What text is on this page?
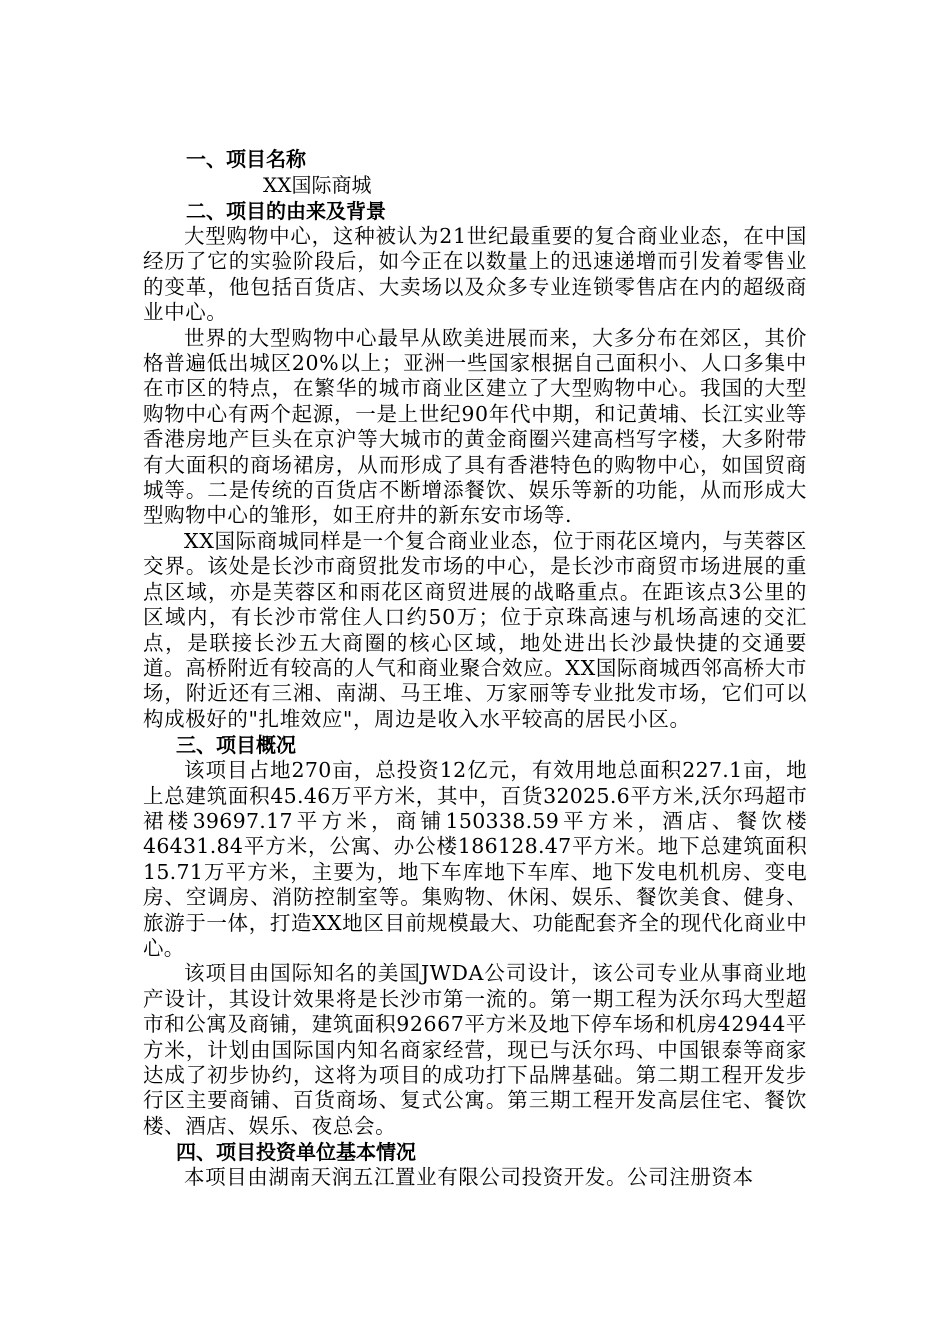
一、项目名称

XX国际商城

二、项目的由来及背景

大型购物中心，这种被认为21世纪最重要的复合商业业态，在中国经历了它的实验阶段后，如今正在以数量上的迅速递增而引发着零售业的变革，他包括百货店、大卖场以及众多专业连锁零售店在内的超级商业中心。

世界的大型购物中心最早从欧美进展而来，大多分布在郊区，其价格普遍低出城区20%以上；亚洲一些国家根据自己面积小、人口多集中在市区的特点，在繁华的城市商业区建立了大型购物中心。我国的大型购物中心有两个起源，一是上世纪90年代中期，和记黄埔、长江实业等香港房地产巨头在京沪等大城市的黄金商圈兴建高档写字楼，大多附带有大面积的商场裙房，从而形成了具有香港特色的购物中心，如国贸商城等。二是传统的百货店不断增添餐饮、娱乐等新的功能，从而形成大型购物中心的雏形，如王府井的新东安市场等.

XX国际商城同样是一个复合商业业态，位于雨花区境内，与芙蓉区交界。该处是长沙市商贸批发市场的中心，是长沙市商贸市场进展的重点区域，亦是芙蓉区和雨花区商贸进展的战略重点。在距该点3公里的区域内，有长沙市常住人口约50万；位于京珠高速与机场高速的交汇点，是联接长沙五大商圈的核心区域，地处进出长沙最快捷的交通要道。高桥附近有较高的人气和商业聚合效应。XX国际商城西邻高桥大市场，附近还有三湘、南湖、马王堆、万家丽等专业批发市场，它们可以构成极好的"扎堆效应"，周边是收入水平较高的居民小区。

三、项目概况

该项目占地270亩，总投资12亿元，有效用地总面积227.1亩，地上总建筑面积45.46万平方米，其中，百货32025.6平方米,沃尔玛超市裙楼39697.17平方米，商铺150338.59平方米，酒店、餐饮楼46431.84平方米，公寓、办公楼186128.47平方米。地下总建筑面积15.71万平方米，主要为，地下车库地下车库、地下发电机机房、变电房、空调房、消防控制室等。集购物、休闲、娱乐、餐饮美食、健身、旅游于一体，打造XX地区目前规模最大、功能配套齐全的现代化商业中心。

该项目由国际知名的美国JWDA公司设计，该公司专业从事商业地产设计，其设计效果将是长沙市第一流的。第一期工程为沃尔玛大型超市和公寓及商铺，建筑面积92667平方米及地下停车场和机房42944平方米，计划由国际国内知名商家经营，现已与沃尔玛、中国银泰等商家达成了初步协约，这将为项目的成功打下品牌基础。第二期工程开发步行区主要商铺、百货商场、复式公寓。第三期工程开发高层住宅、餐饮楼、酒店、娱乐、夜总会。

四、项目投资单位基本情况

本项目由湖南天润五江置业有限公司投资开发。公司注册资本
